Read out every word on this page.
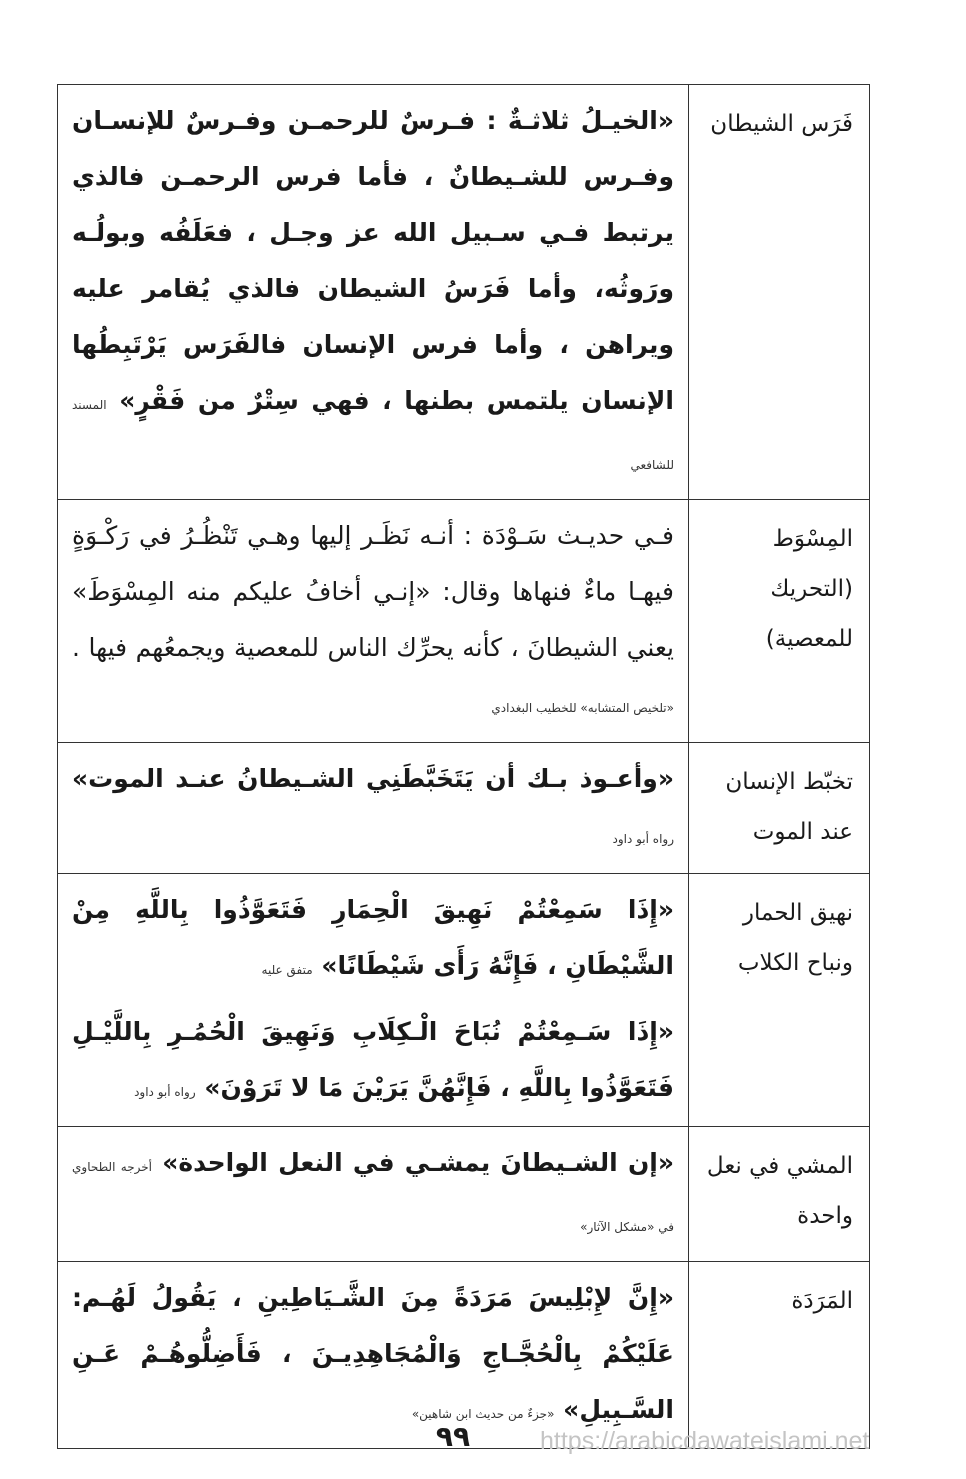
فَرَس الشيطان	«الخيـلُ ثلاثـةٌ : فـرسٌ للرحمـن وفـرسٌ للإنسـان وفـرس للشـيطانٌ ، فأما فرس الرحمـن فالذي يرتبط فـي سـبيل الله عز وجـل ، فعَلَفُه وبولُـه ورَوثُه، وأما فَرَسُ الشيطان فالذي يُقامر عليه ويراهن ، وأما فرس الإنسان فالفَرَس يَرْتَبِطُها الإنسان يلتمس بطنها ، فهي سِتْرٌ من فَقْرٍ» المسند للشافعي

المِسْوَط (التحريك للمعصية)	فـي حديـث سَـوْدَة : أنـه نَظَـر إليها وهـي تَنْظُـرُ في رَكْـوَةٍ فيهـا ماءٌ فنهاها وقال: «إنـي أخافُ عليكم منه المِسْوَطَ» يعني الشيطانَ ، كأنه يحرِّك الناس للمعصية ويجمعُهم فيها . «تلخيص المتشابه» للخطيب البغدادي

تخبّط الإنسان عند الموت	«وأعـوذ بـك أن يَتَخَبَّطَنِي الشـيطانُ عنـد الموت» رواه أبو داود

نهيق الحمار ونباح الكلاب	«إِذَا سَمِعْتُمْ نَهِيقَ الْحِمَارِ فَتَعَوَّذُوا بِاللَّهِ مِنْ الشَّيْطَانِ ، فَإِنَّهُ رَأَى شَيْطَانًا» متفق عليه
«إِذَا سَـمِعْتُمْ نُبَاحَ الْـكِلَابِ وَنَهِيقَ الْحُمُـرِ بِاللَّيْـلِ فَتَعَوَّذُوا بِاللَّهِ ، فَإِنَّهُنَّ يَرَيْنَ مَا لا تَرَوْنَ» رواه أبو داود

المشي في نعل واحدة	«إن الشـيطانَ يمشـي في النعل الواحدة» أخرجه الطحاوي في «مشكل الآثار»

المَرَدَة	«إِنَّ لإِبْلِيسَ مَرَدَةً مِنَ الشَّـيَاطِينِ ، يَقُولُ لَهُـم: عَلَيْكُمْ بِالْحُجَّـاجِ وَالْمُجَاهِدِيـنَ ، فَأَضِلُّوهُـمْ عَـنِ السَّـبِيلِ» «جزءٌ من حديث ابن شاهين»
٩٩	https://arabicdawateislami.net
